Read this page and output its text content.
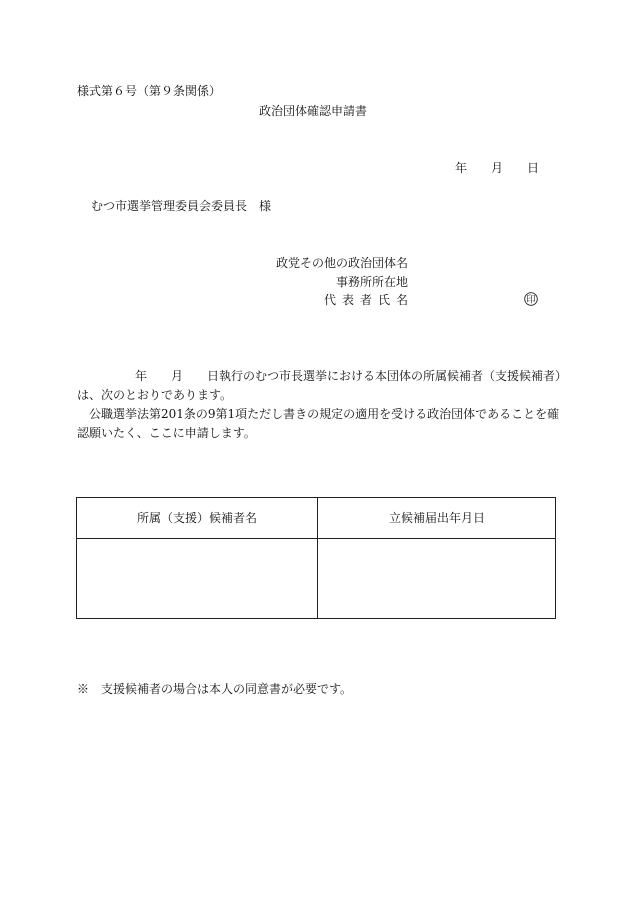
様式第６号（第９条関係）
政治団体確認申請書
年 月 日
むつ市選挙管理委員会委員長　様
政党その他の政治団体名
事務所所在地
代表者氏名	印

年　　月　　日執行のむつ市長選挙における本団体の所属候補者（支援候補者）

は、次のとおりであります。

　公職選挙法第201条の9第1項ただし書きの規定の適用を受ける政治団体であることを確

認願いたく、ここに申請します。

所属（支援）候補者名	立候補届出年月日
※　支援候補者の場合は本人の同意書が必要です。
